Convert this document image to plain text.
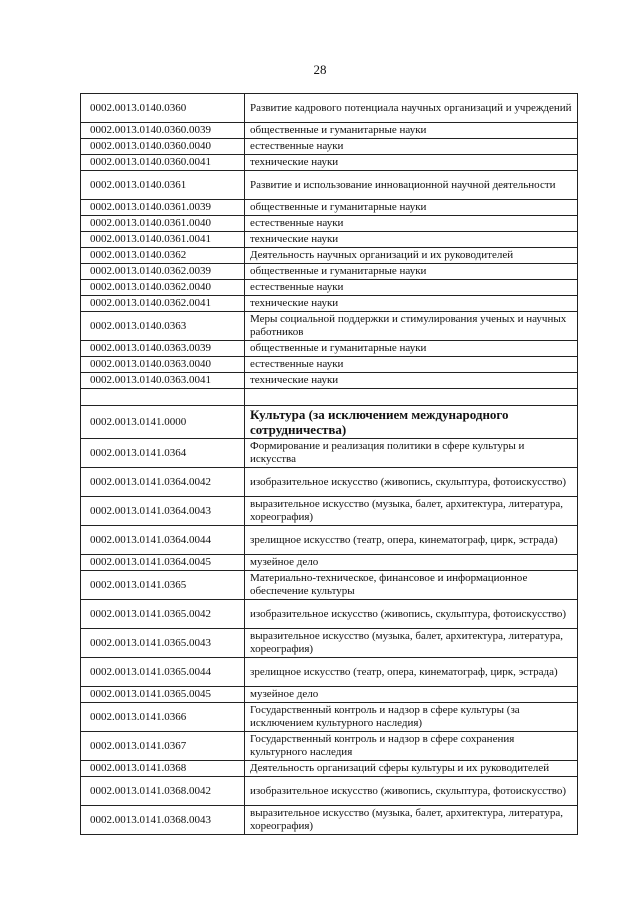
28
0002.0013.0140.0360	Развитие кадрового потенциала научных организаций и учреждений
0002.0013.0140.0360.0039	общественные и гуманитарные науки
0002.0013.0140.0360.0040	естественные науки
0002.0013.0140.0360.0041	технические науки
0002.0013.0140.0361	Развитие и использование инновационной научной деятельности
0002.0013.0140.0361.0039	общественные и гуманитарные науки
0002.0013.0140.0361.0040	естественные науки
0002.0013.0140.0361.0041	технические науки
0002.0013.0140.0362	Деятельность научных организаций и их руководителей
0002.0013.0140.0362.0039	общественные и гуманитарные науки
0002.0013.0140.0362.0040	естественные науки
0002.0013.0140.0362.0041	технические науки
0002.0013.0140.0363	Меры социальной поддержки и стимулирования ученых и научных работников
0002.0013.0140.0363.0039	общественные и гуманитарные науки
0002.0013.0140.0363.0040	естественные науки
0002.0013.0140.0363.0041	технические науки

0002.0013.0141.0000	Культура (за исключением международного сотрудничества)
0002.0013.0141.0364	Формирование и реализация политики в сфере культуры и искусства
0002.0013.0141.0364.0042	изобразительное искусство (живопись, скульптура, фотоискусство)
0002.0013.0141.0364.0043	выразительное искусство (музыка, балет, архитектура, литература, хореография)
0002.0013.0141.0364.0044	зрелищное искусство (театр, опера, кинематограф, цирк, эстрада)
0002.0013.0141.0364.0045	музейное дело
0002.0013.0141.0365	Материально-техническое, финансовое и информационное обеспечение культуры
0002.0013.0141.0365.0042	изобразительное искусство (живопись, скульптура, фотоискусство)
0002.0013.0141.0365.0043	выразительное искусство (музыка, балет, архитектура, литература, хореография)
0002.0013.0141.0365.0044	зрелищное искусство (театр, опера, кинематограф, цирк, эстрада)
0002.0013.0141.0365.0045	музейное дело
0002.0013.0141.0366	Государственный контроль и надзор в сфере культуры (за исключением культурного наследия)
0002.0013.0141.0367	Государственный контроль и надзор в сфере сохранения культурного наследия
0002.0013.0141.0368	Деятельность организаций сферы культуры и их руководителей
0002.0013.0141.0368.0042	изобразительное искусство (живопись, скульптура, фотоискусство)
0002.0013.0141.0368.0043	выразительное искусство (музыка, балет, архитектура, литература, хореография)
